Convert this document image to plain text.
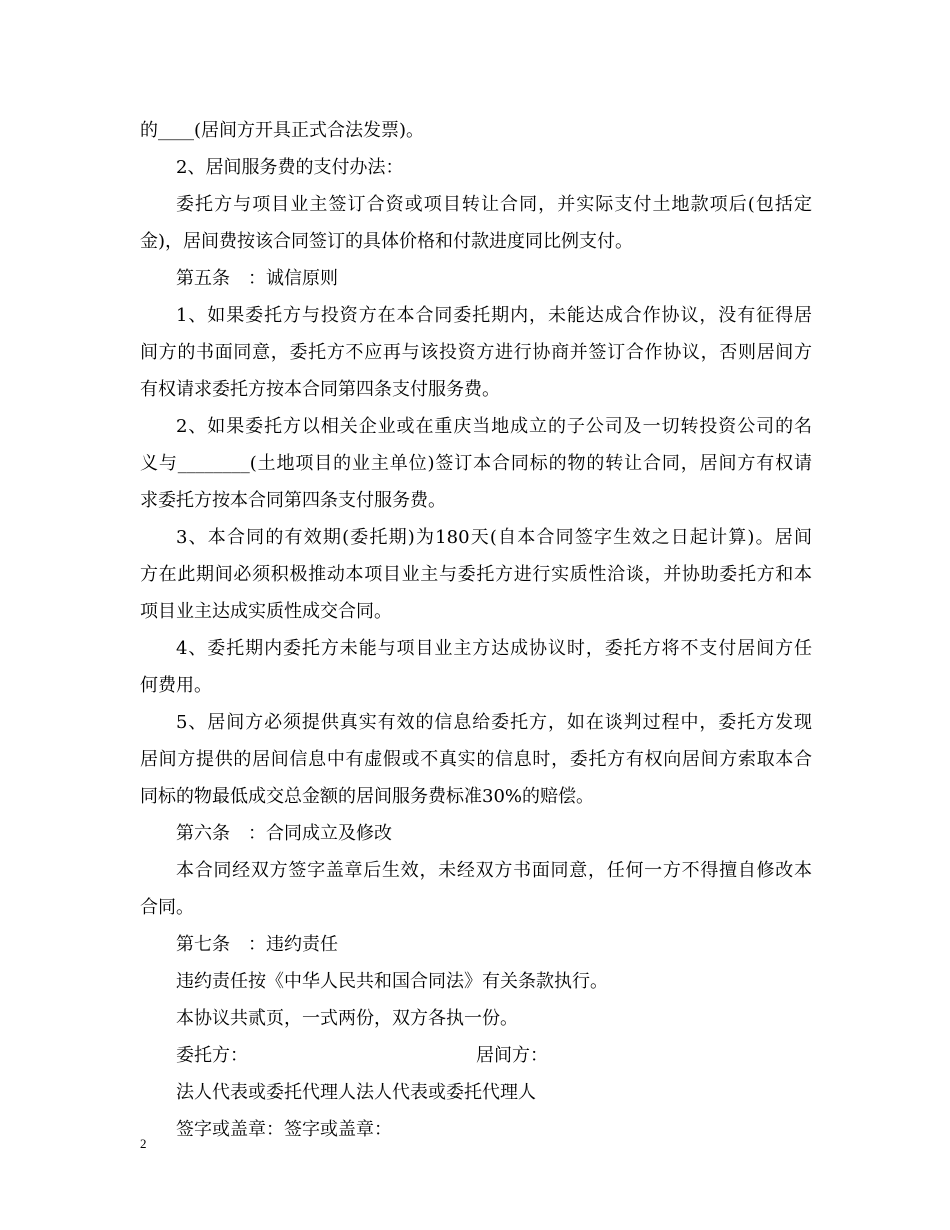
的____(居间方开具正式合法发票)。
2、居间服务费的支付办法：
委托方与项目业主签订合资或项目转让合同，并实际支付土地款项后(包括定
金)，居间费按该合同签订的具体价格和付款进度同比例支付。
第五条　：诚信原则
1、如果委托方与投资方在本合同委托期内，未能达成合作协议，没有征得居
间方的书面同意，委托方不应再与该投资方进行协商并签订合作协议，否则居间方
有权请求委托方按本合同第四条支付服务费。
2、如果委托方以相关企业或在重庆当地成立的子公司及一切转投资公司的名
义与________(土地项目的业主单位)签订本合同标的物的转让合同，居间方有权请
求委托方按本合同第四条支付服务费。
3、本合同的有效期(委托期)为180天(自本合同签字生效之日起计算)。居间
方在此期间必须积极推动本项目业主与委托方进行实质性洽谈，并协助委托方和本
项目业主达成实质性成交合同。
4、委托期内委托方未能与项目业主方达成协议时，委托方将不支付居间方任
何费用。
5、居间方必须提供真实有效的信息给委托方，如在谈判过程中，委托方发现
居间方提供的居间信息中有虚假或不真实的信息时，委托方有权向居间方索取本合
同标的物最低成交总金额的居间服务费标准30%的赔偿。
第六条　：合同成立及修改
本合同经双方签字盖章后生效，未经双方书面同意，任何一方不得擅自修改本
合同。
第七条　：违约责任
违约责任按《中华人民共和国合同法》有关条款执行。
本协议共贰页，一式两份，双方各执一份。
委托方：	居间方：
法人代表或委托代理人法人代表或委托代理人
签字或盖章：签字或盖章：
2
